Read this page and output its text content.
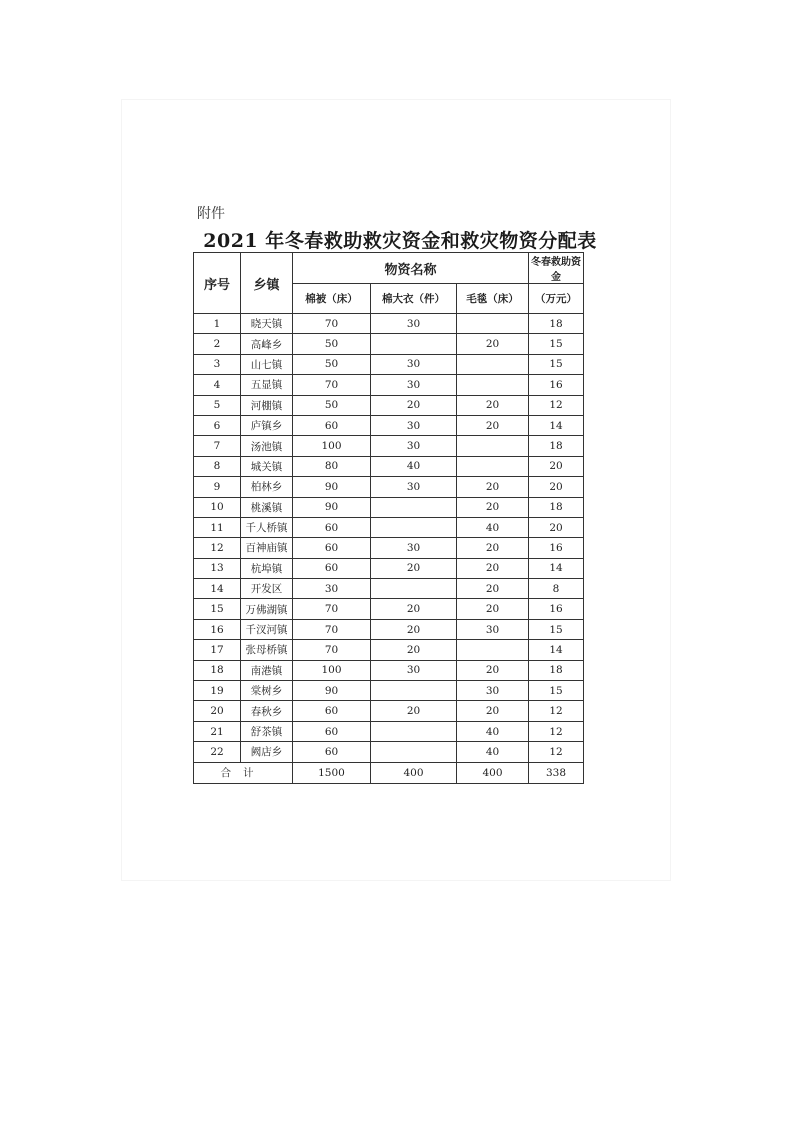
附件
2021 年冬春救助救灾资金和救灾物资分配表
序号	乡镇	物资名称			冬春救助资金
		棉被（床）	棉大衣（件）	毛毯（床）	（万元）
1	晓天镇	70	30		18
2	高峰乡	50		20	15
3	山七镇	50	30		15
4	五显镇	70	30		16
5	河棚镇	50	20	20	12
6	庐镇乡	60	30	20	14
7	汤池镇	100	30		18
8	城关镇	80	40		20
9	柏林乡	90	30	20	20
10	桃溪镇	90		20	18
11	千人桥镇	60		40	20
12	百神庙镇	60	30	20	16
13	杭埠镇	60	20	20	14
14	开发区	30		20	8
15	万佛湖镇	70	20	20	16
16	千汊河镇	70	20	30	15
17	张母桥镇	70	20		14
18	南港镇	100	30	20	18
19	棠树乡	90		30	15
20	春秋乡	60	20	20	12
21	舒茶镇	60		40	12
22	阙店乡	60		40	12
合计		1500	400	400	338
